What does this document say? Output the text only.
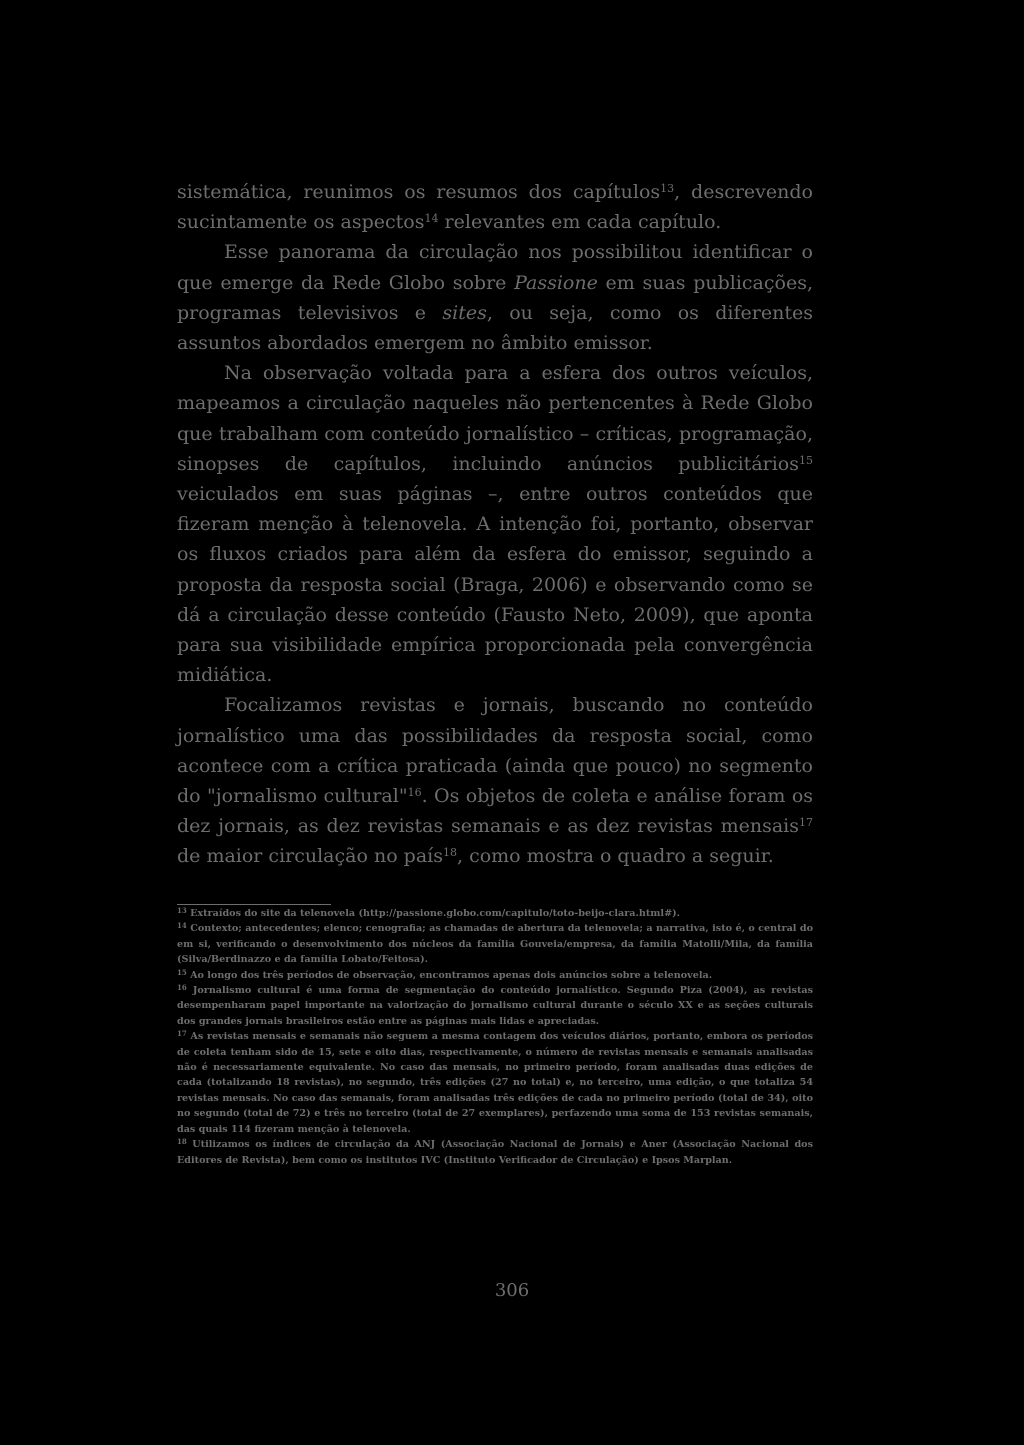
sistemática, reunimos os resumos dos capítulos$^{13}$, descrevendo sucintamente os aspectos$^{14}$ relevantes em cada capítulo.

Esse panorama da circulação nos possibilitou identificar o que emerge da Rede Globo sobre Passione em suas publicações, programas televisivos e sites, ou seja, como os diferentes assuntos abordados emergem no âmbito emissor.

Na observação voltada para a esfera dos outros veículos, mapeamos a circulação naqueles não pertencentes à Rede Globo que trabalham com conteúdo jornalístico – críticas, programação, sinopses de capítulos, incluindo anúncios publicitários$^{15}$ veiculados em suas páginas –, entre outros conteúdos que fizeram menção à telenovela. A intenção foi, portanto, observar os fluxos criados para além da esfera do emissor, seguindo a proposta da resposta social (Braga, 2006) e observando como se dá a circulação desse conteúdo (Fausto Neto, 2009), que aponta para sua visibilidade empírica proporcionada pela convergência midiática.

Focalizamos revistas e jornais, buscando no conteúdo jornalístico uma das possibilidades da resposta social, como acontece com a crítica praticada (ainda que pouco) no segmento do "jornalismo cultural"$^{16}$. Os objetos de coleta e análise foram os dez jornais, as dez revistas semanais e as dez revistas mensais$^{17}$ de maior circulação no país$^{18}$, como mostra o quadro a seguir.

$^{13}$ Extraídos do site da telenovela (http://passione.globo.com/capitulo/toto-beijo-clara.html#).

$^{14}$ Contexto; antecedentes; elenco; cenografia; as chamadas de abertura da telenovela; a narrativa, isto é, o central do em si, verificando o desenvolvimento dos núcleos da família Gouveia/empresa, da família Matolli/Mila, da família (Silva/Berdinazzo e da família Lobato/Feitosa).

$^{15}$ Ao longo dos três períodos de observação, encontramos apenas dois anúncios sobre a telenovela.

$^{16}$ Jornalismo cultural é uma forma de segmentação do conteúdo jornalístico. Segundo Piza (2004), as revistas desempenharam papel importante na valorização do jornalismo cultural durante o século XX e as seções culturais dos grandes jornais brasileiros estão entre as páginas mais lidas e apreciadas.

$^{17}$ As revistas mensais e semanais não seguem a mesma contagem dos veículos diários, portanto, embora os períodos de coleta tenham sido de 15, sete e oito dias, respectivamente, o número de revistas mensais e semanais analisadas não é necessariamente equivalente. No caso das mensais, no primeiro período, foram analisadas duas edições de cada (totalizando 18 revistas), no segundo, três edições (27 no total) e, no terceiro, uma edição, o que totaliza 54 revistas mensais. No caso das semanais, foram analisadas três edições de cada no primeiro período (total de 34), oito no segundo (total de 72) e três no terceiro (total de 27 exemplares), perfazendo uma soma de 153 revistas semanais, das quais 114 fizeram menção à telenovela.

$^{18}$ Utilizamos os índices de circulação da ANJ (Associação Nacional de Jornais) e Aner (Associação Nacional dos Editores de Revista), bem como os institutos IVC (Instituto Verificador de Circulação) e Ipsos Marplan.

306
